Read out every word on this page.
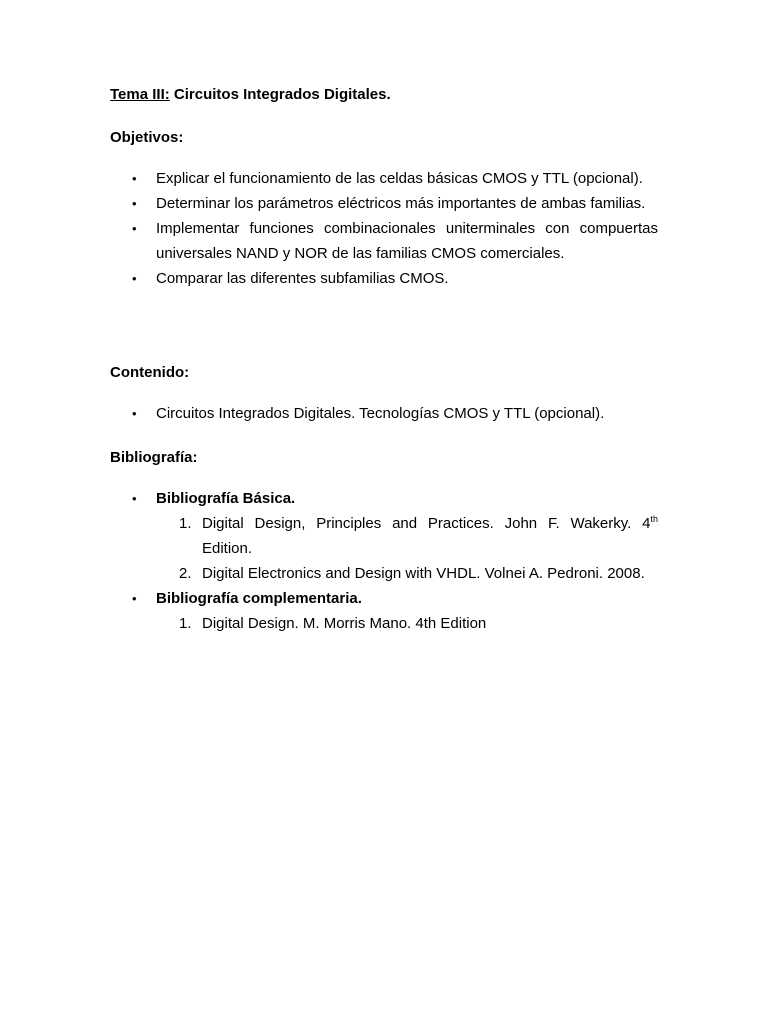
Tema III: Circuitos Integrados Digitales.
Objetivos:
• Explicar el funcionamiento de las celdas básicas CMOS y TTL (opcional).
• Determinar los parámetros eléctricos más importantes de ambas familias.
• Implementar funciones combinacionales uniterminales con compuertas universales NAND y NOR de las familias CMOS comerciales.
• Comparar las diferentes subfamilias CMOS.
Contenido:
• Circuitos Integrados Digitales. Tecnologías CMOS y TTL (opcional).
Bibliografía:
• Bibliografía Básica.
1. Digital Design, Principles and Practices. John F. Wakerky. 4th Edition.
2. Digital Electronics and Design with VHDL. Volnei A. Pedroni. 2008.
• Bibliografía complementaria.
1. Digital Design. M. Morris Mano. 4th Edition
